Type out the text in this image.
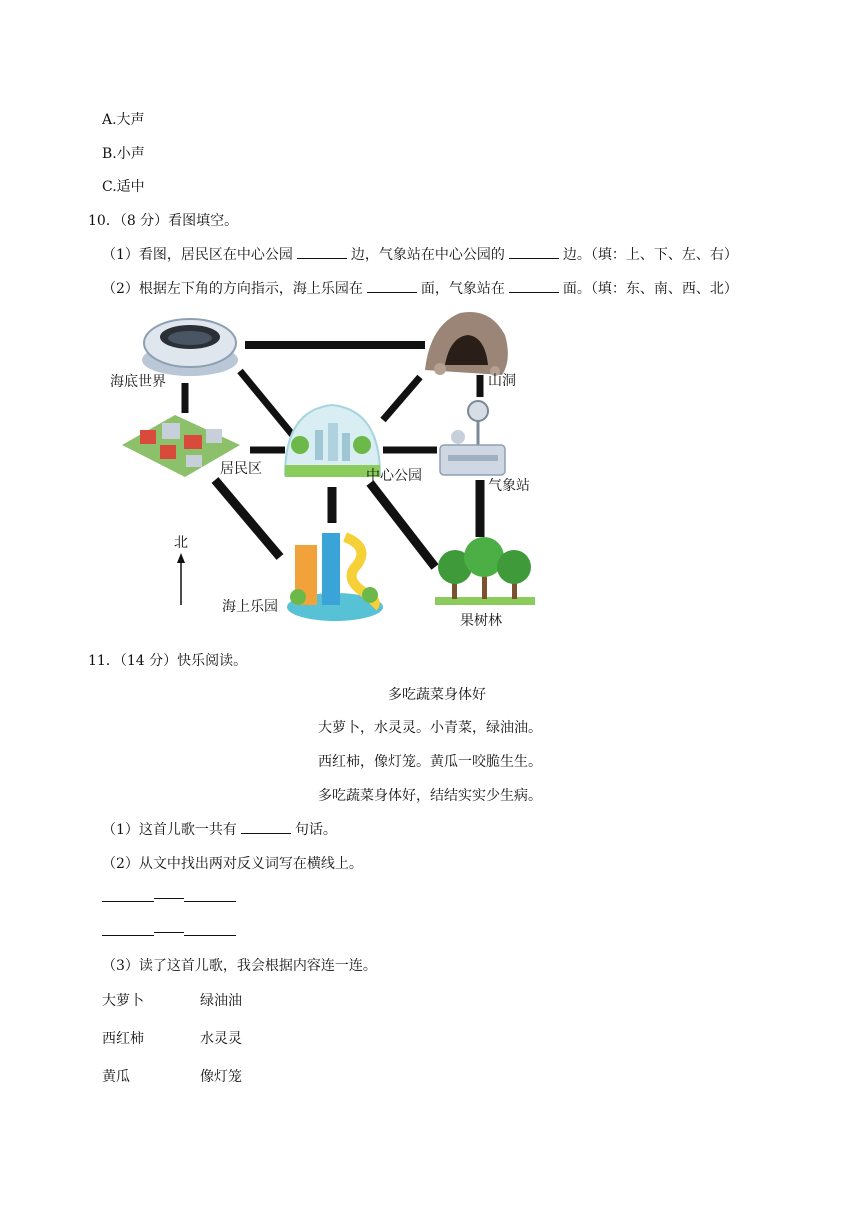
A.大声
B.小声
C.适中
10．（8 分）看图填空。
（1）看图，居民区在中心公园	边，气象站在中心公园的	边。（填：上、下、左、右）
（2）根据左下角的方向指示，海上乐园在	面，气象站在	面。（填：东、南、西、北）
海底世界	山洞
居民区	中心公园
气象站
北
海上乐园
果树林
11．（14 分）快乐阅读。
多吃蔬菜身体好
大萝卜，水灵灵。小青菜，绿油油。
西红柿，像灯笼。黄瓜一咬脆生生。
多吃蔬菜身体好，结结实实少生病。
（1）这首儿歌一共有	句话。
（2）从文中找出两对反义词写在横线上。
（3）读了这首儿歌，我会根据内容连一连。
大萝卜	绿油油
西红柿	水灵灵
黄瓜	像灯笼
